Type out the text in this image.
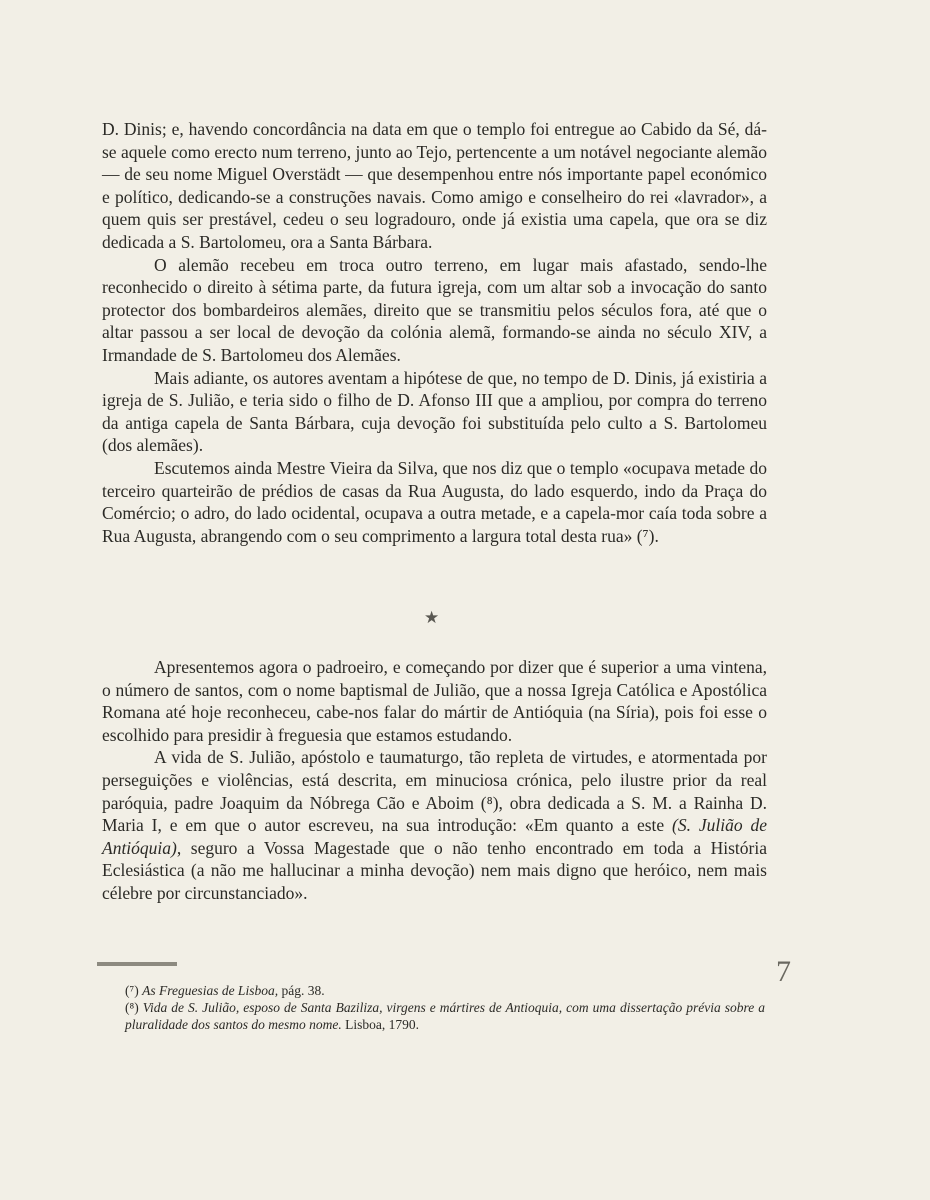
D. Dinis; e, havendo concordância na data em que o templo foi entregue ao Cabido da Sé, dá-se aquele como erecto num terreno, junto ao Tejo, pertencente a um notável negociante alemão — de seu nome Miguel Overstädt — que desempenhou entre nós importante papel económico e político, dedicando-se a construções navais. Como amigo e conselheiro do rei «lavrador», a quem quis ser prestável, cedeu o seu logradouro, onde já existia uma capela, que ora se diz dedicada a S. Bartolomeu, ora a Santa Bárbara.

O alemão recebeu em troca outro terreno, em lugar mais afastado, sendo-lhe reconhecido o direito à sétima parte, da futura igreja, com um altar sob a invocação do santo protector dos bombardeiros alemães, direito que se transmitiu pelos séculos fora, até que o altar passou a ser local de devoção da colónia alemã, formando-se ainda no século XIV, a Irmandade de S. Bartolomeu dos Alemães.

Mais adiante, os autores aventam a hipótese de que, no tempo de D. Dinis, já existiria a igreja de S. Julião, e teria sido o filho de D. Afonso III que a ampliou, por compra do terreno da antiga capela de Santa Bárbara, cuja devoção foi substituída pelo culto a S. Bartolomeu (dos alemães).

Escutemos ainda Mestre Vieira da Silva, que nos diz que o templo «ocupava metade do terceiro quarteirão de prédios de casas da Rua Augusta, do lado esquerdo, indo da Praça do Comércio; o adro, do lado ocidental, ocupava a outra metade, e a capela-mor caía toda sobre a Rua Augusta, abrangendo com o seu comprimento a largura total desta rua» (⁷).

★

Apresentemos agora o padroeiro, e começando por dizer que é superior a uma vintena, o número de santos, com o nome baptismal de Julião, que a nossa Igreja Católica e Apostólica Romana até hoje reconheceu, cabe-nos falar do mártir de Antióquia (na Síria), pois foi esse o escolhido para presidir à freguesia que estamos estudando.

A vida de S. Julião, apóstolo e taumaturgo, tão repleta de virtudes, e atormentada por perseguições e violências, está descrita, em minuciosa crónica, pelo ilustre prior da real paróquia, padre Joaquim da Nóbrega Cão e Aboim (⁸), obra dedicada a S. M. a Rainha D. Maria I, e em que o autor escreveu, na sua introdução: «Em quanto a este (S. Julião de Antióquia), seguro a Vossa Magestade que o não tenho encontrado em toda a História Eclesiástica (a não me hallucinar a minha devoção) nem mais digno que heróico, nem mais célebre por circunstanciado».

(⁷) As Freguesias de Lisboa, pág. 38.

(⁸) Vida de S. Julião, esposo de Santa Baziliza, virgens e mártires de Antioquia, com uma dissertação prévia sobre a pluralidade dos santos do mesmo nome. Lisboa, 1790.

7
